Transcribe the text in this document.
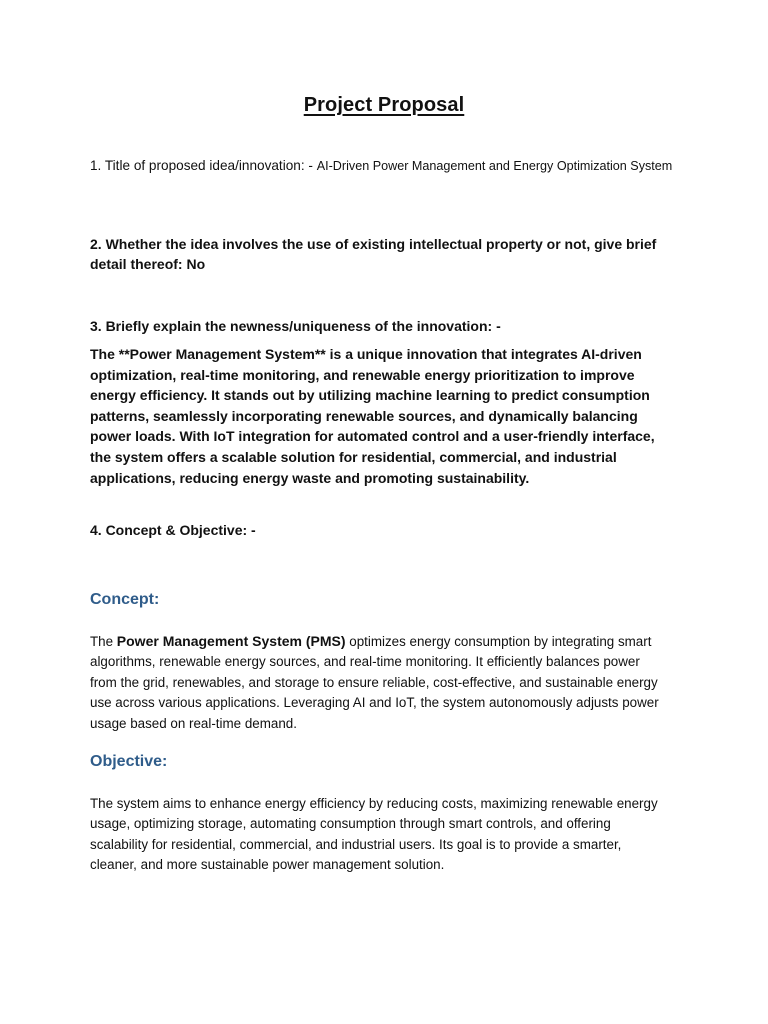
Project Proposal
1. Title of proposed idea/innovation: - AI-Driven Power Management and Energy Optimization System
2. Whether the idea involves the use of existing intellectual property or not, give brief detail thereof: No
3. Briefly explain the newness/uniqueness of the innovation: -
The **Power Management System** is a unique innovation that integrates AI-driven optimization, real-time monitoring, and renewable energy prioritization to improve energy efficiency. It stands out by utilizing machine learning to predict consumption patterns, seamlessly incorporating renewable sources, and dynamically balancing power loads. With IoT integration for automated control and a user-friendly interface, the system offers a scalable solution for residential, commercial, and industrial applications, reducing energy waste and promoting sustainability.
4. Concept & Objective: -
Concept:
The Power Management System (PMS) optimizes energy consumption by integrating smart algorithms, renewable energy sources, and real-time monitoring. It efficiently balances power from the grid, renewables, and storage to ensure reliable, cost-effective, and sustainable energy use across various applications. Leveraging AI and IoT, the system autonomously adjusts power usage based on real-time demand.
Objective:
The system aims to enhance energy efficiency by reducing costs, maximizing renewable energy usage, optimizing storage, automating consumption through smart controls, and offering scalability for residential, commercial, and industrial users. Its goal is to provide a smarter, cleaner, and more sustainable power management solution.
